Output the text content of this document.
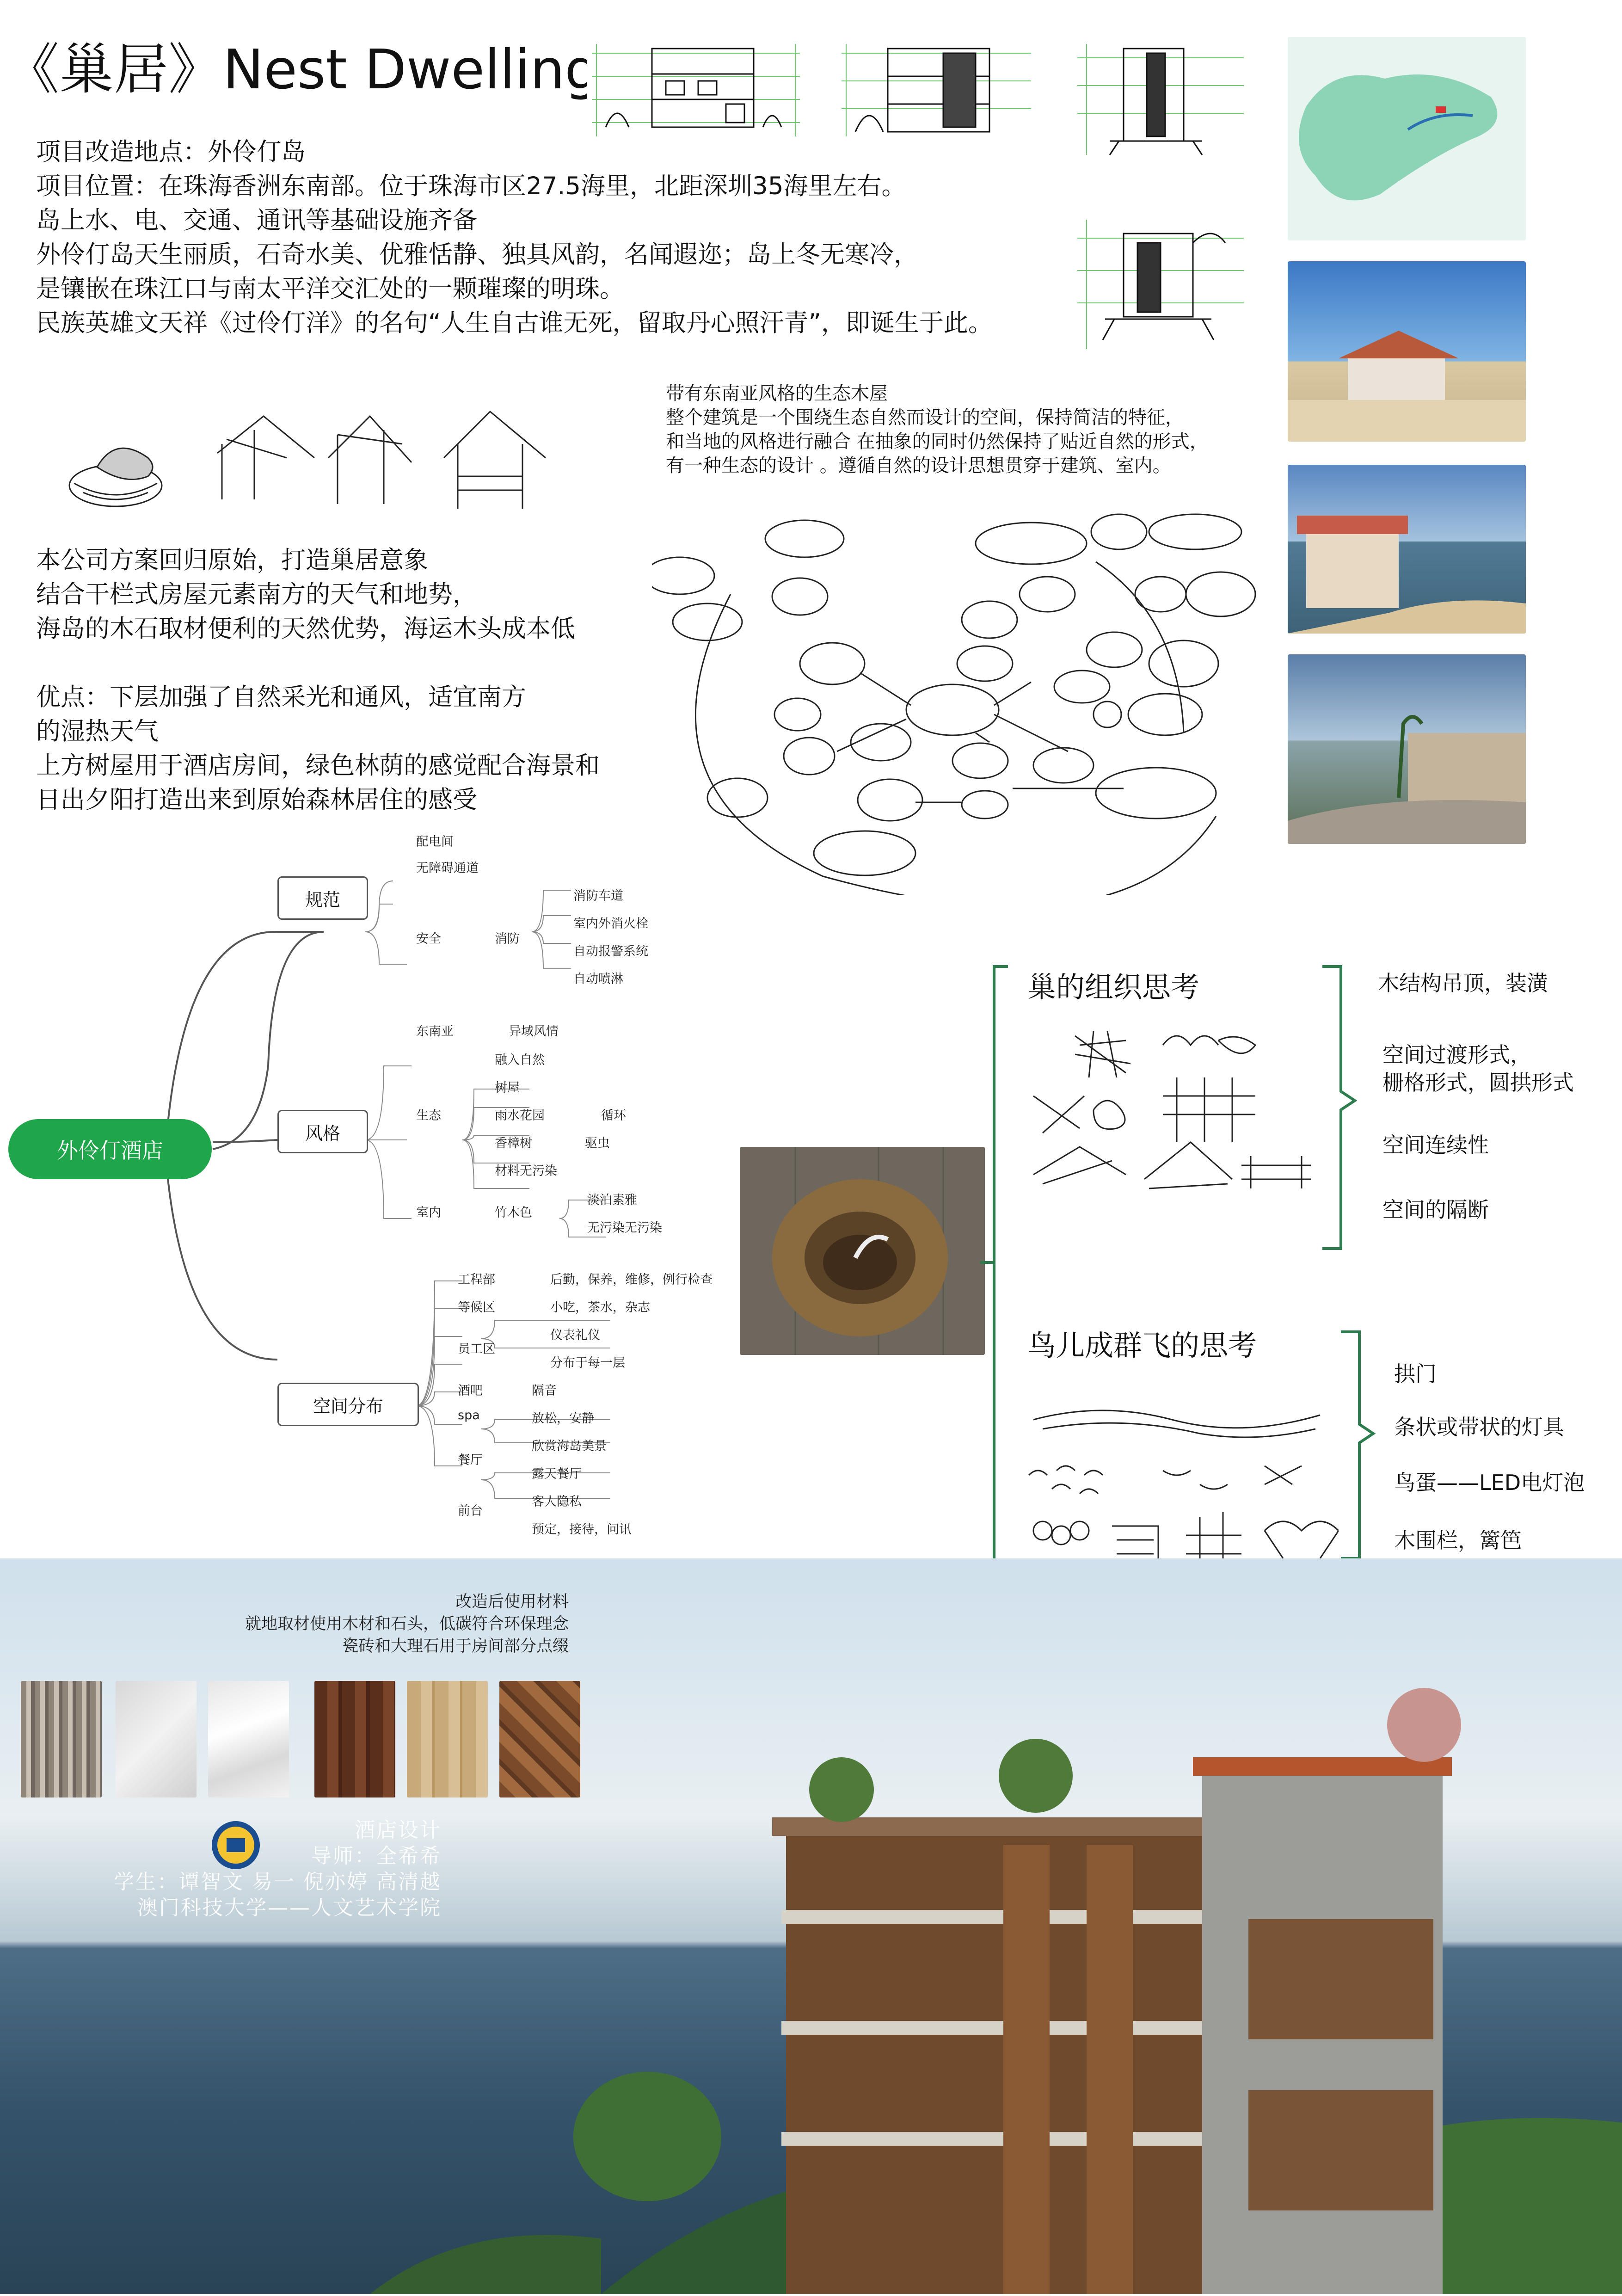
《巢居》Nest Dwelling
项目改造地点：外伶仃岛
项目位置：在珠海香洲东南部。位于珠海市区27.5海里，北距深圳35海里左右。
岛上水、电、交通、通讯等基础设施齐备
外伶仃岛天生丽质，石奇水美、优雅恬静、独具风韵，名闻遐迩；岛上冬无寒冷，
是镶嵌在珠江口与南太平洋交汇处的一颗璀璨的明珠。
民族英雄文天祥《过伶仃洋》的名句“人生自古谁无死，留取丹心照汗青”，即诞生于此。
带有东南亚风格的生态木屋
整个建筑是一个围绕生态自然而设计的空间，保持简洁的特征，
和当地的风格进行融合 在抽象的同时仍然保持了贴近自然的形式，
有一种生态的设计 。遵循自然的设计思想贯穿于建筑、室内。
本公司方案回归原始，打造巢居意象
结合干栏式房屋元素南方的天气和地势，
海岛的木石取材便利的天然优势，海运木头成本低
优点：下层加强了自然采光和通风，适宜南方
的湿热天气
上方树屋用于酒店房间，绿色林荫的感觉配合海景和
日出夕阳打造出来到原始森林居住的感受
外伶仃酒店
规范
配电间
无障碍通道
安全	消防
消防车道
室内外消火栓
自动报警系统
自动喷淋
风格
东南亚	异域风情
生态
融入自然
树屋
雨水花园
香樟树
材料无污染
循环
驱虫
室内	竹木色
淡泊素雅
无污染无污染
空间分布
工程部	后勤，保养，维修，例行检查
等候区	小吃，茶水，杂志
员工区
仪表礼仪
分布于每一层
酒吧	隔音
spa	放松，安静
餐厅
欣赏海岛美景
露天餐厅
前台
客人隐私
预定，接待，问讯
巢的组织思考	木结构吊顶，装潢
空间过渡形式，
栅格形式，圆拱形式
空间连续性
空间的隔断
鸟儿成群飞的思考
拱门
条状或带状的灯具
鸟蛋——LED电灯泡
木围栏，篱笆
改造后使用材料
就地取材使用木材和石头，低碳符合环保理念
瓷砖和大理石用于房间部分点缀
酒店设计
导师：全希希
学生：谭智文 易一 倪亦婷 高清越
澳门科技大学——人文艺术学院
